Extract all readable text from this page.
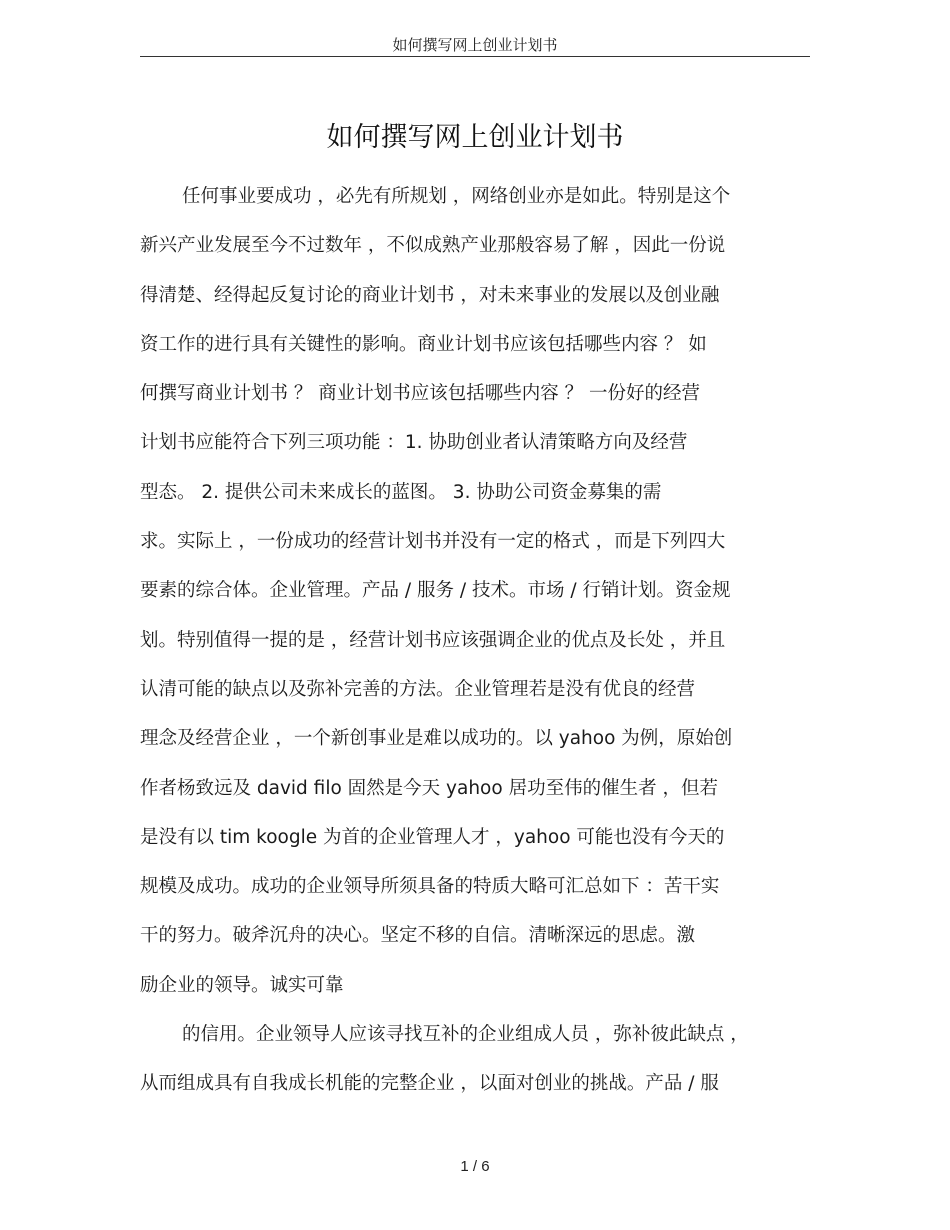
如何撰写网上创业计划书
如何撰写网上创业计划书
任何事业要成功 ，必先有所规划 ，网络创业亦是如此。特别是这个
新兴产业发展至今不过数年 ，不似成熟产业那般容易了解 ，因此一份说
得清楚、经得起反复讨论的商业计划书 ，对未来事业的发展以及创业融
资工作的进行具有关键性的影响。商业计划书应该包括哪些内容 ？ 如
何撰写商业计划书 ？ 商业计划书应该包括哪些内容 ？ 一份好的经营
计划书应能符合下列三项功能 ：1. 协助创业者认清策略方向及经营
型态。 2. 提供公司未来成长的蓝图。 3. 协助公司资金募集的需
求。实际上 ，一份成功的经营计划书并没有一定的格式 ，而是下列四大
要素的综合体。企业管理。产品 / 服务 / 技术。市场 / 行销计划。资金规
划。特别值得一提的是 ，经营计划书应该强调企业的优点及长处 ，并且
认清可能的缺点以及弥补完善的方法。企业管理若是没有优良的经营
理念及经营企业 ，一个新创事业是难以成功的。以 yahoo 为例，原始创
作者杨致远及 david filo 固然是今天 yahoo 居功至伟的催生者 ，但若
是没有以 tim koogle 为首的企业管理人才 ，yahoo 可能也没有今天的
规模及成功。成功的企业领导所须具备的特质大略可汇总如下 ：苦干实
干的努力。破斧沉舟的决心。坚定不移的自信。清晰深远的思虑。激
励企业的领导。诚实可靠
的信用。企业领导人应该寻找互补的企业组成人员 ，弥补彼此缺点 ，
从而组成具有自我成长机能的完整企业 ，以面对创业的挑战。产品 / 服
1 / 6
